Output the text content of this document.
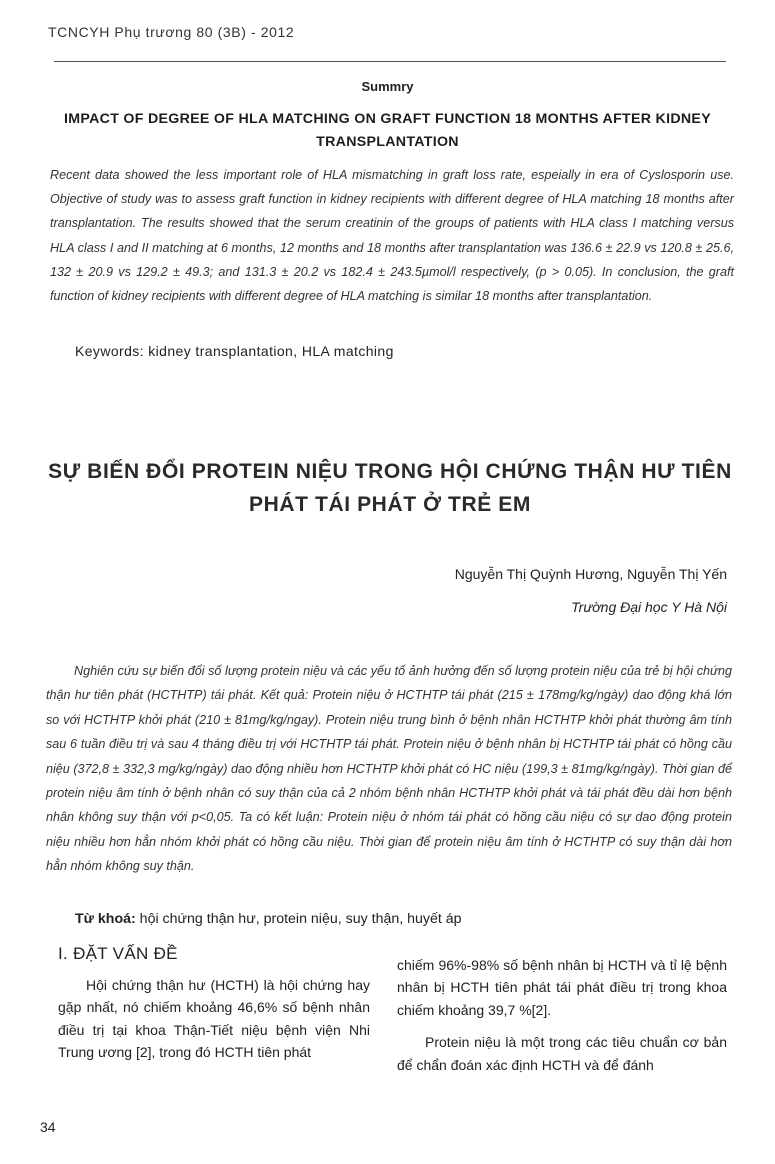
TCNCYH Phụ trương 80 (3B) - 2012
Summry
IMPACT OF DEGREE OF HLA MATCHING ON GRAFT FUNCTION 18 MONTHS AFTER KIDNEY TRANSPLANTATION

Recent data showed the less important role of HLA mismatching in graft loss rate, espeially in era of Cyslosporin use. Objective of study was to assess graft function in kidney recipients with different degree of HLA matching 18 months after transplantation. The results showed that the serum creatinin of the groups of patients with HLA class I matching versus HLA class I and II matching at 6 months, 12 months and 18 months after transplantation was 136.6 ± 22.9 vs 120.8 ± 25.6, 132 ± 20.9 vs 129.2 ± 49.3; and 131.3 ± 20.2 vs 182.4 ± 243.5µmol/l respectively, (p > 0.05). In conclusion, the graft function of kidney recipients with different degree of HLA matching is similar 18 months after transplantation.

Keywords: kidney transplantation, HLA matching
SỰ BIẾN ĐỔI PROTEIN NIỆU TRONG HỘI CHỨNG THẬN HƯ TIÊN PHÁT TÁI PHÁT Ở TRẺ EM
Nguyễn Thị Quỳnh Hương, Nguyễn Thị Yến
Trường Đại học Y Hà Nội

Nghiên cứu sự biến đổi số lượng protein niệu và các yếu tố ảnh hưởng đến số lượng protein niệu của trẻ bị hội chứng thận hư tiên phát (HCTHTP) tái phát. Kết quả: Protein niệu ở HCTHTP tái phát (215 ± 178mg/kg/ngày) dao động khá lớn so với HCTHTP khởi phát (210 ± 81mg/kg/ngay). Protein niệu trung bình ở bệnh nhân HCTHTP khởi phát thường âm tính sau 6 tuần điều trị và sau 4 tháng điều trị với HCTHTP tái phát. Protein niệu ở bệnh nhân bị HCTHTP tái phát có hồng cầu niệu (372,8 ± 332,3 mg/kg/ngày) dao động nhiều hơn HCTHTP khởi phát có HC niệu (199,3 ± 81mg/kg/ngày). Thời gian để protein niệu âm tính ở bệnh nhân có suy thận của cả 2 nhóm bệnh nhân HCTHTP khởi phát và tái phát đều dài hơn bệnh nhân không suy thận với p<0,05. Ta có kết luận: Protein niệu ở nhóm tái phát có hồng cầu niệu có sự dao động protein niệu nhiều hơn hẳn nhóm khởi phát có hồng cầu niệu. Thời gian để protein niệu âm tính ở HCTHTP có suy thận dài hơn hẳn nhóm không suy thận.

Từ khoá: hội chứng thận hư, protein niệu, suy thận, huyết áp
I. ĐẶT VẤN ĐỀ

Hội chứng thận hư (HCTH) là hội chứng hay gặp nhất, nó chiếm khoảng 46,6% số bệnh nhân điều trị tại khoa Thận-Tiết niệu bệnh viện Nhi Trung ương [2], trong đó HCTH tiên phát

chiếm 96%-98% số bệnh nhân bị HCTH và tỉ lệ bệnh nhân bị HCTH tiên phát tái phát điều trị trong khoa chiếm khoảng 39,7 %[2].

Protein niệu là một trong các tiêu chuẩn cơ bản để chẩn đoán xác định HCTH và để đánh

34
